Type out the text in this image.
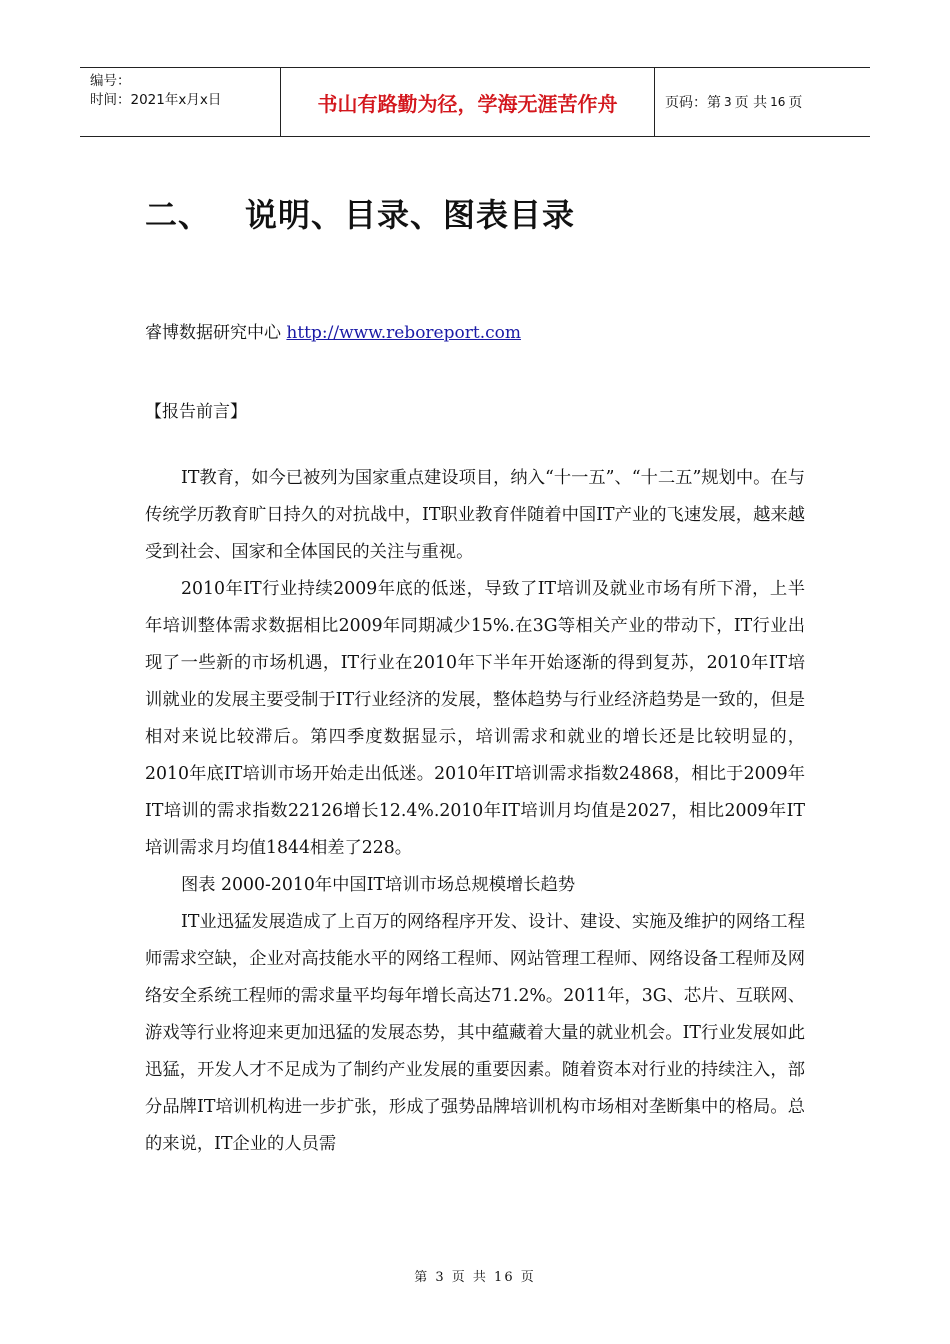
编号：
时间：2021年x月x日	书山有路勤为径，学海无涯苦作舟	页码：第 3 页 共 16 页
二、	说明、目录、图表目录
睿博数据研究中心 http://www.reboreport.com
【报告前言】

IT教育，如今已被列为国家重点建设项目，纳入“十一五”、“十二五”规划中。在与传统学历教育旷日持久的对抗战中，IT职业教育伴随着中国IT产业的飞速发展，越来越受到社会、国家和全体国民的关注与重视。

2010年IT行业持续2009年底的低迷，导致了IT培训及就业市场有所下滑，上半年培训整体需求数据相比2009年同期减少15%.在3G等相关产业的带动下，IT行业出现了一些新的市场机遇，IT行业在2010年下半年开始逐渐的得到复苏，2010年IT培训就业的发展主要受制于IT行业经济的发展，整体趋势与行业经济趋势是一致的，但是相对来说比较滞后。第四季度数据显示，培训需求和就业的增长还是比较明显的，2010年底IT培训市场开始走出低迷。2010年IT培训需求指数24868，相比于2009年IT培训的需求指数22126增长12.4%.2010年IT培训月均值是2027，相比2009年IT培训需求月均值1844相差了228。

图表 2000-2010年中国IT培训市场总规模增长趋势

IT业迅猛发展造成了上百万的网络程序开发、设计、建设、实施及维护的网络工程师需求空缺，企业对高技能水平的网络工程师、网站管理工程师、网络设备工程师及网络安全系统工程师的需求量平均每年增长高达71.2%。2011年，3G、芯片、互联网、游戏等行业将迎来更加迅猛的发展态势，其中蕴藏着大量的就业机会。IT行业发展如此迅猛，开发人才不足成为了制约产业发展的重要因素。随着资本对行业的持续注入，部分品牌IT培训机构进一步扩张，形成了强势品牌培训机构市场相对垄断集中的格局。总的来说，IT企业的人员需

第 3 页 共 16 页
